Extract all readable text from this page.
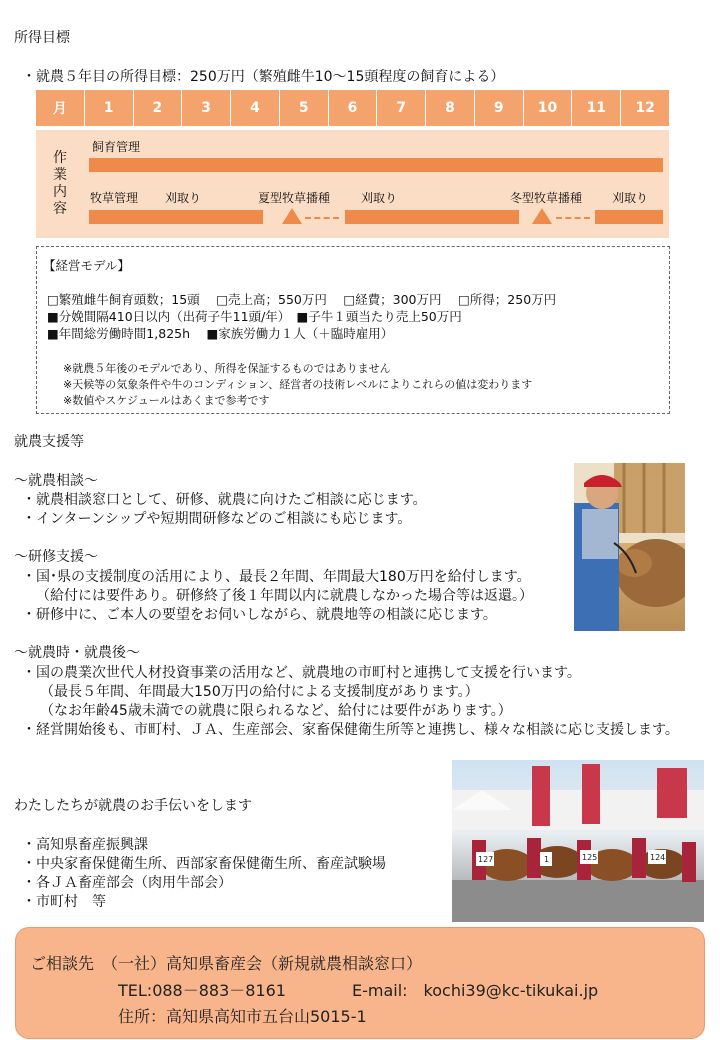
所得目標
・就農５年目の所得目標：250万円（繁殖雌牛10～15頭程度の飼育による）
月	1	2	3	4	5	6	7	8	9	10	11	12
作業内容
飼育管理
牧草管理 刈取り	夏型牧草播種	刈取り	冬型牧草播種 刈取り
【経営モデル】
□繁殖雌牛飼育頭数；15頭　 □売上高；550万円　 □経費；300万円　 □所得；250万円
■分娩間隔410日以内（出荷子牛11頭/年）　■子牛１頭当たり売上50万円
■年間総労働時間1,825h　 ■家族労働力１人（＋臨時雇用）
※就農５年後のモデルであり、所得を保証するものではありません
※天候等の気象条件や牛のコンディション、経営者の技術レベルによりこれらの値は変わります
※数値やスケジュールはあくまで参考です
就農支援等
～就農相談～
・就農相談窓口として、研修、就農に向けたご相談に応じます。
・インターンシップや短期間研修などのご相談にも応じます。
～研修支援～
・国･県の支援制度の活用により、最長２年間、年間最大180万円を給付します。
（給付には要件あり。研修終了後１年間以内に就農しなかった場合等は返還。）
・研修中に、ご本人の要望をお伺いしながら、就農地等の相談に応じます。
～就農時・就農後～
・国の農業次世代人材投資事業の活用など、就農地の市町村と連携して支援を行います。
（最長５年間、年間最大150万円の給付による支援制度があります。）
（なお年齢45歳未満での就農に限られるなど、給付には要件があります。）
・経営開始後も、市町村、ＪＡ、生産部会、家畜保健衛生所等と連携し、様々な相談に応じ支援します。
わたしたちが就農のお手伝いをします
・高知県畜産振興課
・中央家畜保健衛生所、西部家畜保健衛生所、畜産試験場
・各ＪＡ畜産部会（肉用牛部会）
・市町村　等
127	1	125	124
ご相談先　（一社）高知県畜産会（新規就農相談窓口）
TEL:088－883－8161	E-mail:　kochi39@kc-tikukai.jp
住所：高知県高知市五台山5015-1
